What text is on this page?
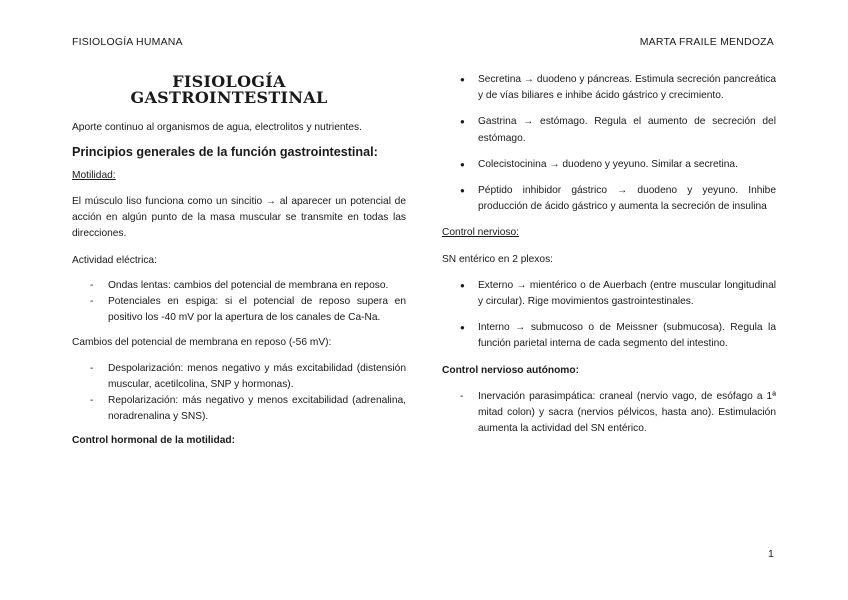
FISIOLOGÍA HUMANA	MARTA FRAILE MENDOZA
FISIOLOGÍA GASTROINTESTINAL

Aporte continuo al organismos de agua, electrolitos y nutrientes.

Principios generales de la función gastrointestinal:

Motilidad:

El músculo liso funciona como un sincitio → al aparecer un potencial de acción en algún punto de la masa muscular se transmite en todas las direcciones.

Actividad eléctrica:

- Ondas lentas: cambios del potencial de membrana en reposo.
- Potenciales en espiga: si el potencial de reposo supera en positivo los -40 mV por la apertura de los canales de Ca-Na.

Cambios del potencial de membrana en reposo (-56 mV):

- Despolarización: menos negativo y más excitabilidad (distensión muscular, acetilcolina, SNP y hormonas).
- Repolarización: más negativo y menos excitabilidad (adrenalina, noradrenalina y SNS).

Control hormonal de la motilidad:

● Secretina → duodeno y páncreas. Estimula secreción pancreática y de vías biliares e inhibe ácido gástrico y crecimiento.
● Gastrina → estómago. Regula el aumento de secreción del estómago.
● Colecistocinina → duodeno y yeyuno. Similar a secretina.
● Péptido inhibidor gástrico → duodeno y yeyuno. Inhibe producción de ácido gástrico y aumenta la secreción de insulina

Control nervioso:

SN entérico en 2 plexos:

● Externo → mientérico o de Auerbach (entre muscular longitudinal y circular). Rige movimientos gastrointestinales.
● Interno → submucoso o de Meissner (submucosa). Regula la función parietal interna de cada segmento del intestino.

Control nervioso autónomo:

- Inervación parasimpática: craneal (nervio vago, de esófago a 1ª mitad colon) y sacra (nervios pélvicos, hasta ano). Estimulación aumenta la actividad del SN entérico.
1
